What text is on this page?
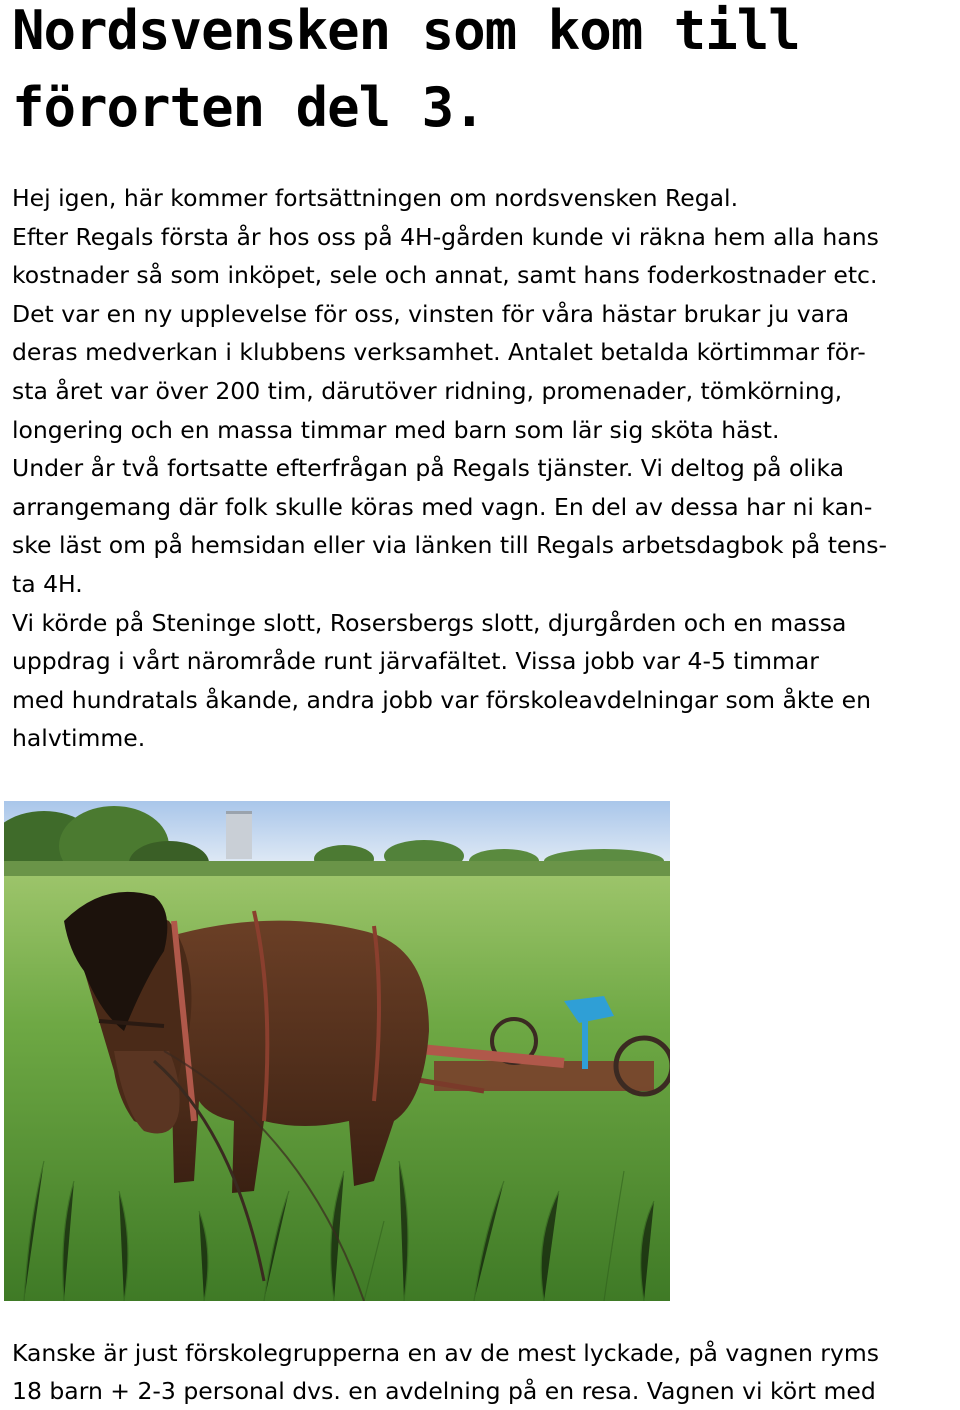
Nordsvensken som kom till
förorten del 3.
Hej igen, här kommer fortsättningen om nordsvensken Regal.
Efter Regals första år hos oss på 4H-gården kunde vi räkna hem alla hans
kostnader så som inköpet, sele och annat, samt hans foderkostnader etc.
Det var en ny upplevelse för oss, vinsten för våra hästar brukar ju vara
deras medverkan i klubbens verksamhet. Antalet betalda körtimmar för-
sta året var över 200 tim, därutöver ridning, promenader, tömkörning,
longering och en massa timmar med barn som lär sig sköta häst.
Under år två fortsatte efterfrågan på Regals tjänster. Vi deltog på olika
arrangemang där folk skulle köras med vagn. En del av dessa har ni kan-
ske läst om på hemsidan eller via länken till Regals arbetsdagbok på tens-
ta 4H.
Vi körde på Steninge slott, Rosersbergs slott, djurgården och en massa
uppdrag i vårt närområde runt järvafältet. Vissa jobb var 4-5 timmar
med hundratals åkande, andra jobb var förskoleavdelningar som åkte en
halvtimme.
Kanske är just förskolegrupperna en av de mest lyckade, på vagnen ryms
18 barn + 2-3 personal dvs. en avdelning på en resa. Vagnen vi kört med
